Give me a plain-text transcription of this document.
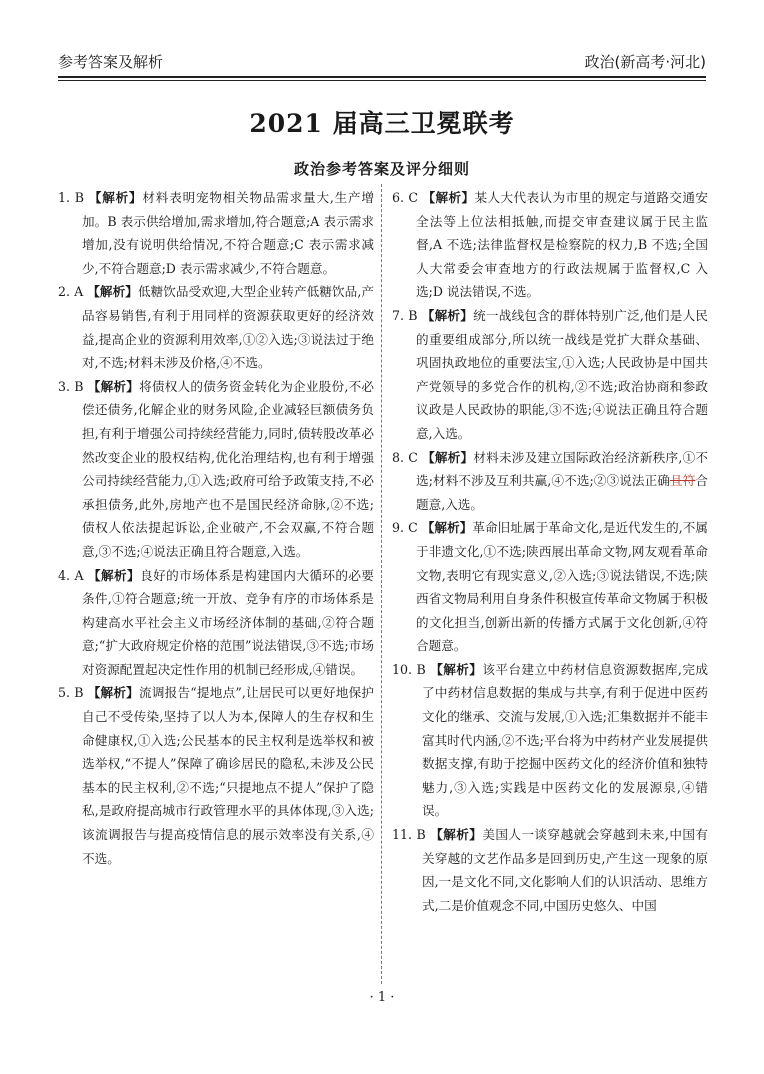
参考答案及解析	政治(新高考·河北)
2021 届高三卫冕联考
政治参考答案及评分细则
1. B 【解析】材料表明宠物相关物品需求量大,生产增加。B 表示供给增加,需求增加,符合题意;A 表示需求增加,没有说明供给情况,不符合题意;C 表示需求减少,不符合题意;D 表示需求减少,不符合题意。
2. A 【解析】低糖饮品受欢迎,大型企业转产低糖饮品,产品容易销售,有利于用同样的资源获取更好的经济效益,提高企业的资源利用效率,①②入选;③说法过于绝对,不选;材料未涉及价格,④不选。
3. B 【解析】将债权人的债务资金转化为企业股份,不必偿还债务,化解企业的财务风险,企业减轻巨额债务负担,有利于增强公司持续经营能力,同时,债转股改革必然改变企业的股权结构,优化治理结构,也有利于增强公司持续经营能力,①入选;政府可给予政策支持,不必承担债务,此外,房地产也不是国民经济命脉,②不选;债权人依法提起诉讼,企业破产,不会双赢,不符合题意,③不选;④说法正确且符合题意,入选。
4. A 【解析】良好的市场体系是构建国内大循环的必要条件,①符合题意;统一开放、竞争有序的市场体系是构建高水平社会主义市场经济体制的基础,②符合题意;“扩大政府规定价格的范围”说法错误,③不选;市场对资源配置起决定性作用的机制已经形成,④错误。
5. B 【解析】流调报告“提地点”,让居民可以更好地保护自己不受传染,坚持了以人为本,保障人的生存权和生命健康权,①入选;公民基本的民主权利是选举权和被选举权,“不提人”保障了确诊居民的隐私,未涉及公民基本的民主权利,②不选;“只提地点不提人”保护了隐私,是政府提高城市行政管理水平的具体体现,③入选;该流调报告与提高疫情信息的展示效率没有关系,④不选。
6. C 【解析】某人大代表认为市里的规定与道路交通安全法等上位法相抵触,而提交审查建议属于民主监督,A 不选;法律监督权是检察院的权力,B 不选;全国人大常委会审查地方的行政法规属于监督权,C 入选;D 说法错误,不选。
7. B 【解析】统一战线包含的群体特别广泛,他们是人民的重要组成部分,所以统一战线是党扩大群众基础、巩固执政地位的重要法宝,①入选;人民政协是中国共产党领导的多党合作的机构,②不选;政治协商和参政议政是人民政协的职能,③不选;④说法正确且符合题意,入选。
8. C 【解析】材料未涉及建立国际政治经济新秩序,①不选;材料不涉及互利共赢,④不选;②③说法正确且符合题意,入选。
9. C 【解析】革命旧址属于革命文化,是近代发生的,不属于非遗文化,①不选;陕西展出革命文物,网友观看革命文物,表明它有现实意义,②入选;③说法错误,不选;陕西省文物局利用自身条件积极宣传革命文物属于积极的文化担当,创新出新的传播方式属于文化创新,④符合题意。
10. B 【解析】该平台建立中药材信息资源数据库,完成了中药材信息数据的集成与共享,有利于促进中医药文化的继承、交流与发展,①入选;汇集数据并不能丰富其时代内涵,②不选;平台将为中药材产业发展提供数据支撑,有助于挖掘中医药文化的经济价值和独特魅力,③入选;实践是中医药文化的发展源泉,④错误。
11. B 【解析】美国人一谈穿越就会穿越到未来,中国有关穿越的文艺作品多是回到历史,产生这一现象的原因,一是文化不同,文化影响人们的认识活动、思维方式,二是价值观念不同,中国历史悠久、中国
· 1 ·
